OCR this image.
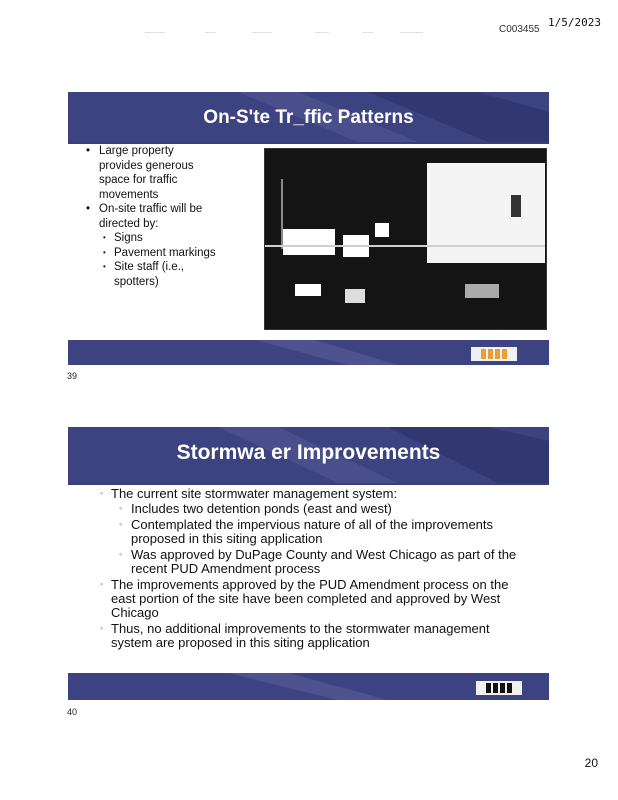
───────	────	───────	─────	────	────────	C003455
1/5/2023
On-S'te Tr_ffic Patterns
• Large property provides generous space for traffic movements
• On-site traffic will be directed by:
• Signs
• Pavement markings
• Site staff (i.e., spotters)
39
Stormwa er Improvements
◦ The current site stormwater management system:
◦ Includes two detention ponds (east and west)
◦ Contemplated the impervious nature of all of the improvements proposed in this siting application
◦ Was approved by DuPage County and West Chicago as part of the recent PUD Amendment process
◦ The improvements approved by the PUD Amendment process on the east portion of the site have been completed and approved by West Chicago
◦ Thus, no additional improvements to the stormwater management system are proposed in this siting application
40
20
